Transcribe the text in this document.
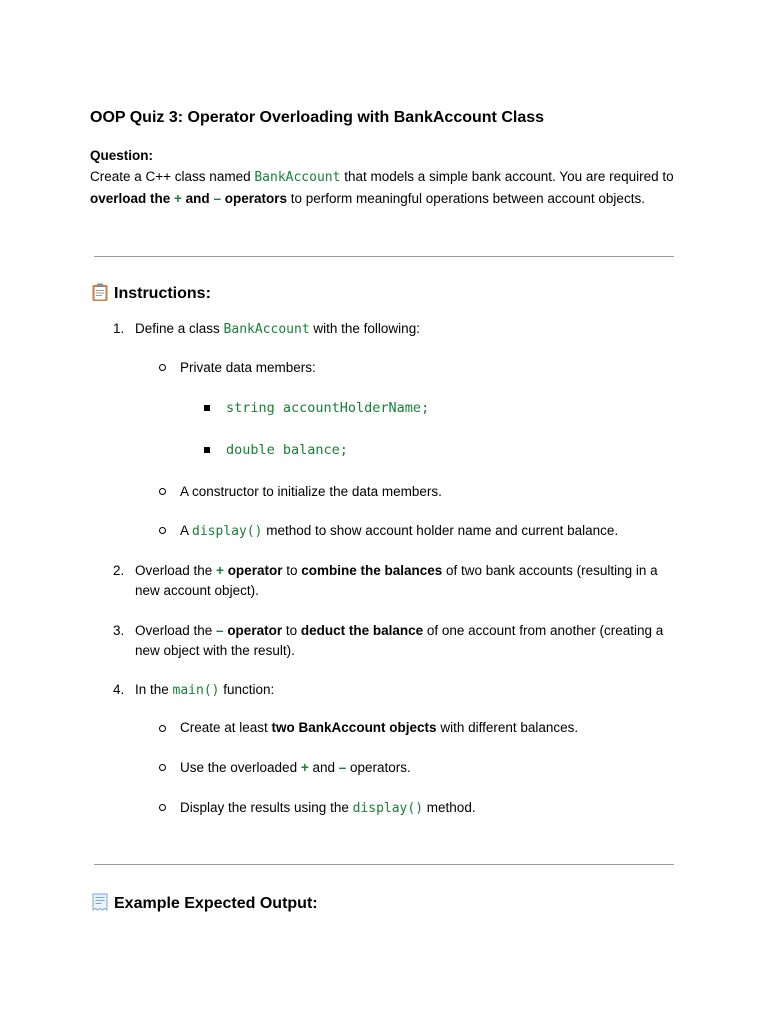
OOP Quiz 3: Operator Overloading with BankAccount Class
Question:
Create a C++ class named BankAccount that models a simple bank account. You are required to overload the + and – operators to perform meaningful operations between account objects.
Instructions:
1. Define a class BankAccount with the following:
Private data members:
string accountHolderName;
double balance;
A constructor to initialize the data members.
A display() method to show account holder name and current balance.
2. Overload the + operator to combine the balances of two bank accounts (resulting in a new account object).
3. Overload the – operator to deduct the balance of one account from another (creating a new object with the result).
4. In the main() function:
Create at least two BankAccount objects with different balances.
Use the overloaded + and – operators.
Display the results using the display() method.
Example Expected Output:
